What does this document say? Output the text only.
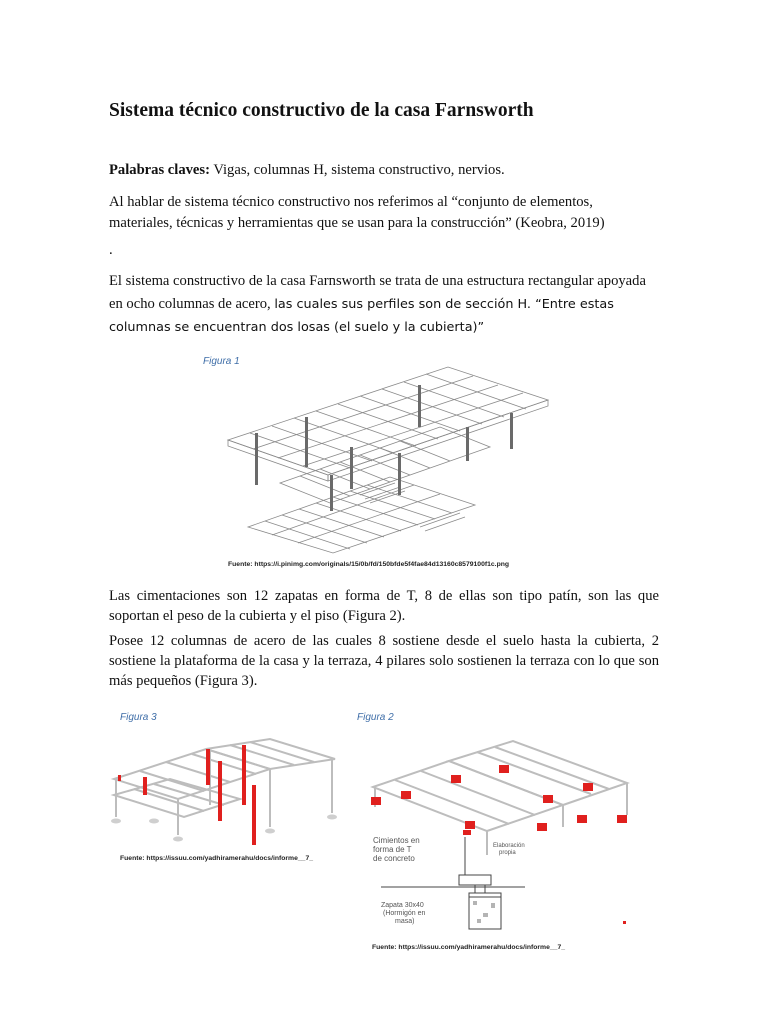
Sistema técnico constructivo de la casa Farnsworth
Palabras claves: Vigas, columnas H, sistema constructivo, nervios.
Al hablar de sistema técnico constructivo nos referimos al “conjunto de elementos, materiales, técnicas y herramientas que se usan para la construcción” (Keobra, 2019)
.
El sistema constructivo de la casa Farnsworth se trata de una estructura rectangular apoyada en ocho columnas de acero, las cuales sus perfiles son de sección H. “Entre estas columnas se encuentran dos losas (el suelo y la cubierta)”
Figura 1
Fuente: https://i.pinimg.com/originals/15/0b/fd/150bfde5f4fae84d13160c8579100f1c.png
Las cimentaciones son 12 zapatas en forma de T, 8 de ellas son tipo patín, son las que soportan el peso de la cubierta y el piso (Figura 2).
Posee 12 columnas de acero de las cuales 8 sostiene desde el suelo hasta la cubierta, 2 sostiene la plataforma de la casa y la terraza, 4 pilares solo sostienen la terraza con lo que son más pequeños (Figura 3).
Figura 3
Fuente: https://issuu.com/yadhiramerahu/docs/informe__7_
Figura 2
Cimientos en
forma de T
de concreto
Elaboración
propia
Zapata 30x40
(Hormigón en
masa)
Fuente: https://issuu.com/yadhiramerahu/docs/informe__7_
